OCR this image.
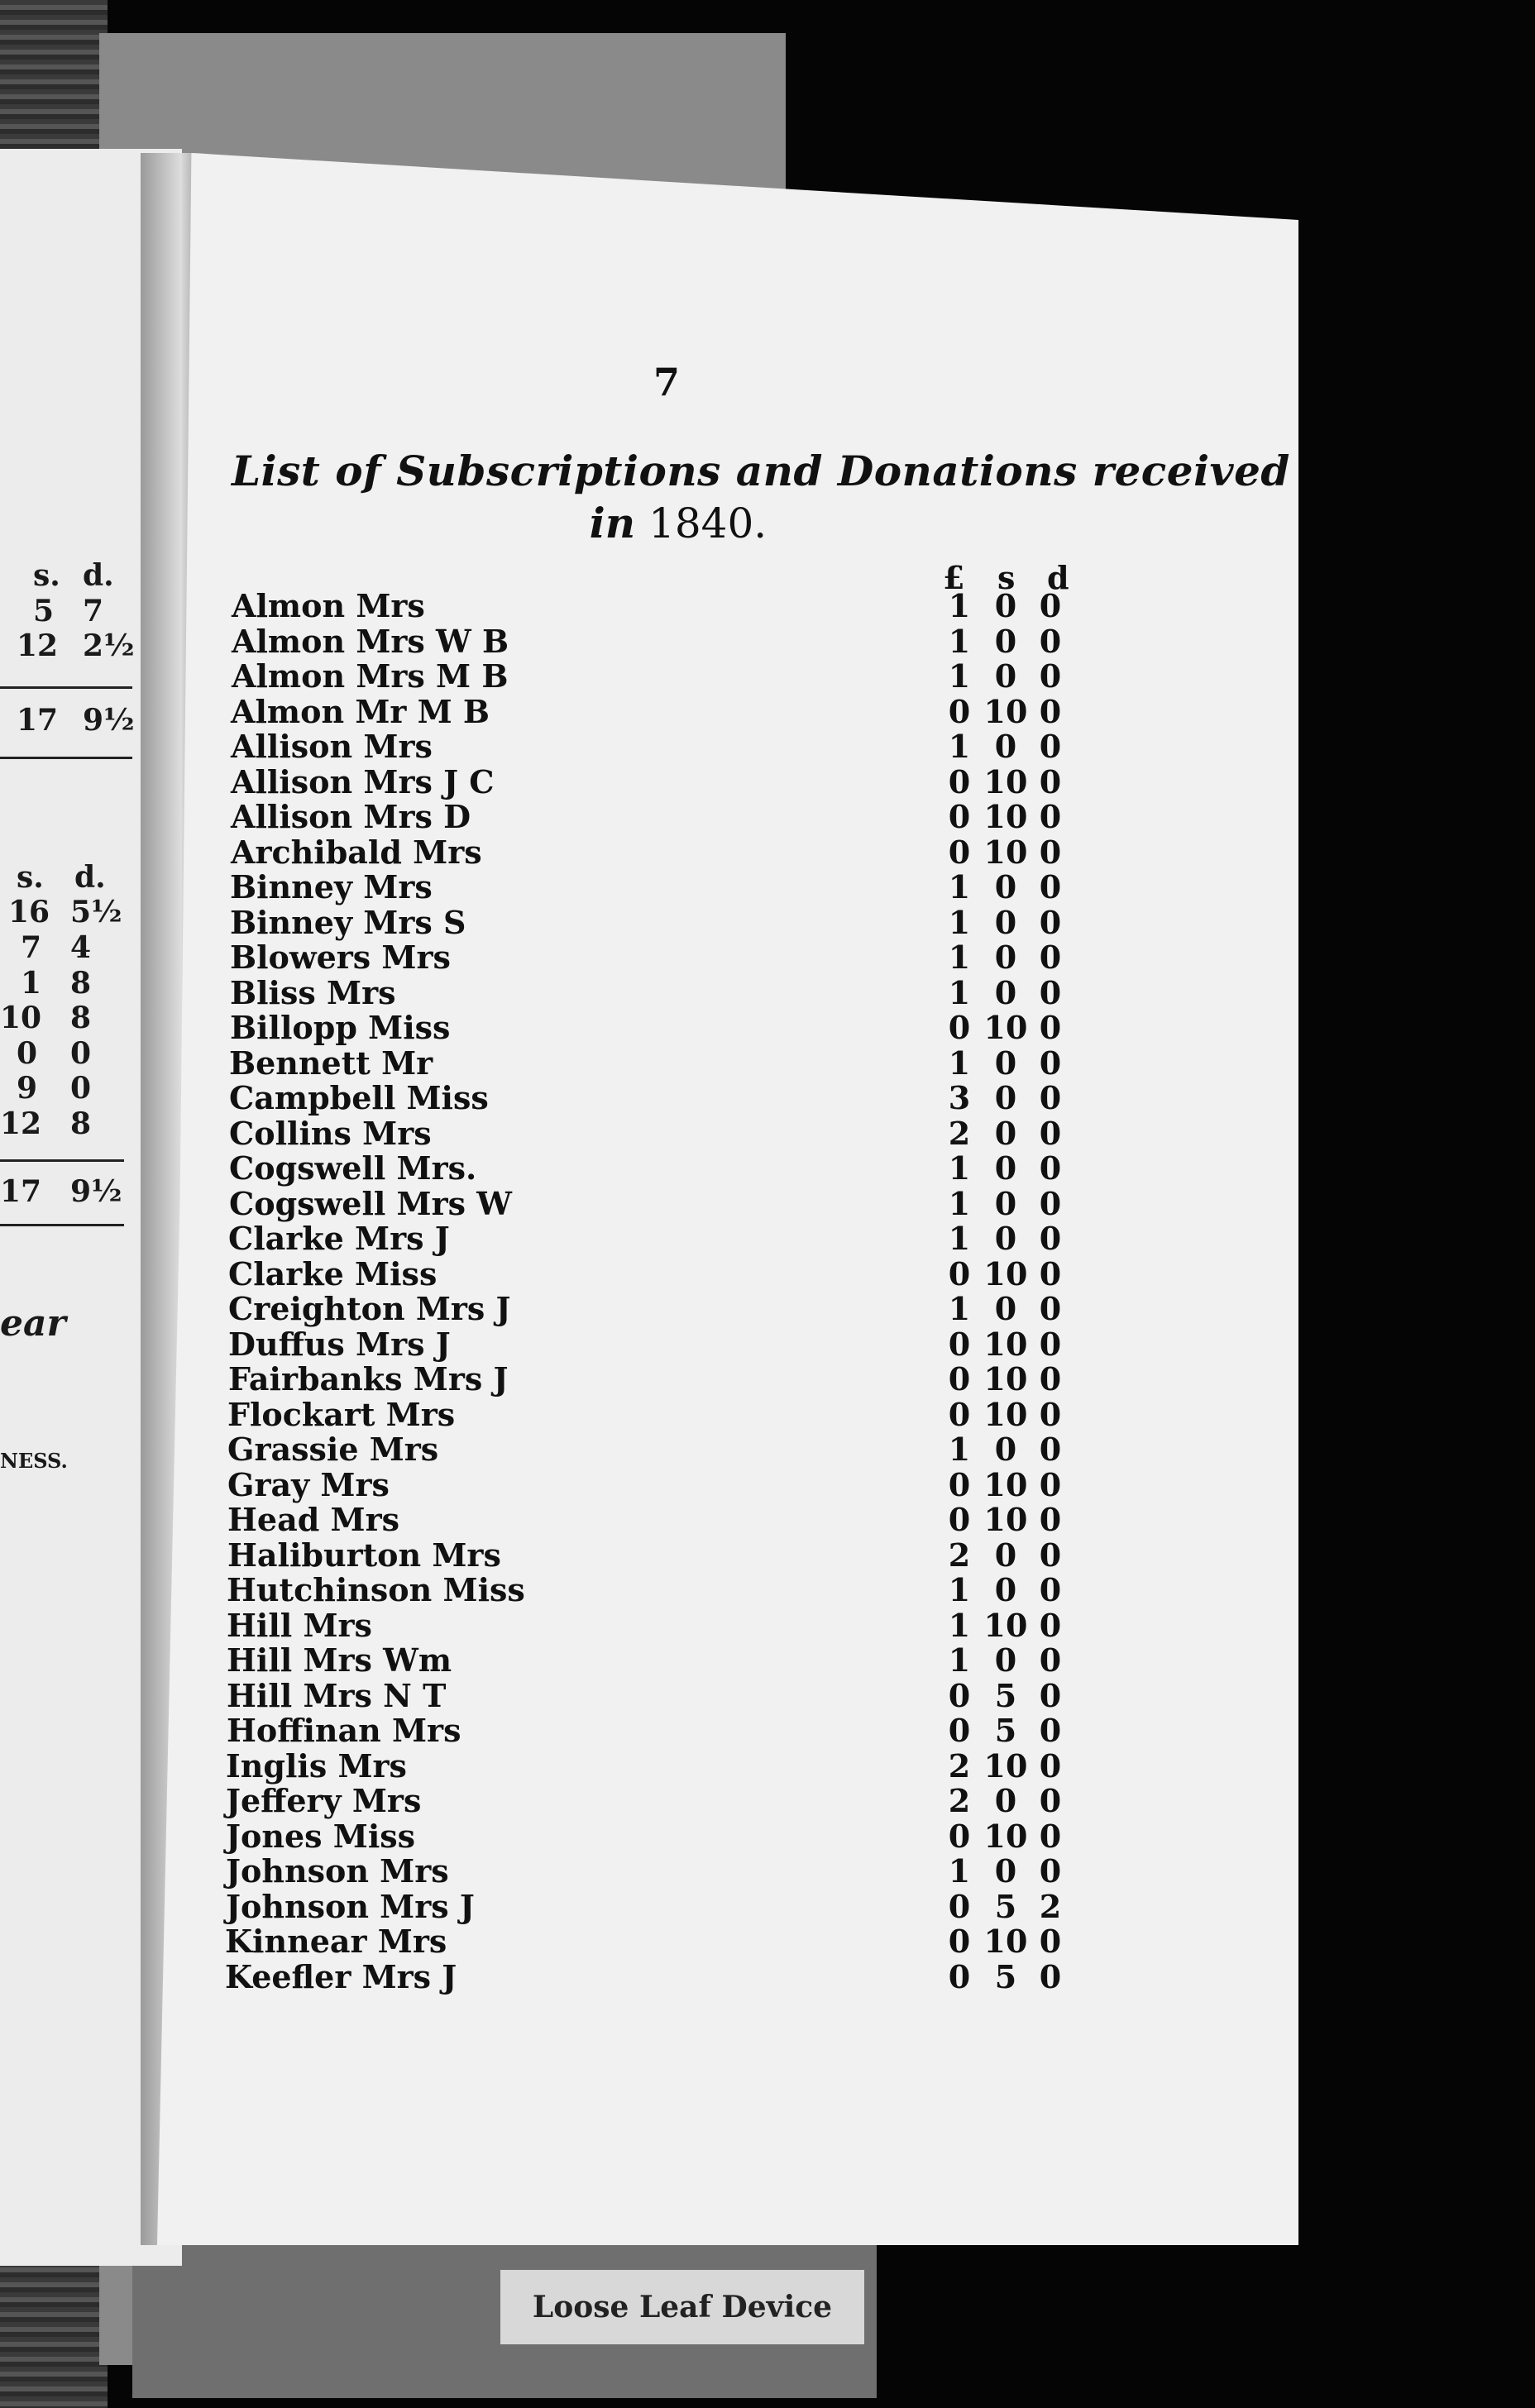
Loose Leaf Device
s. d.
5 7
12 2½
17 9½
s. d.
16 5½
7 4
1 8
10 8
0 0
9 0
12 8
17 9½
ear
NESS.
7
List of Subscriptions and Donations received
in 1840.
£ s d
Almon Mrs	1 0 0
Almon Mrs W B	1 0 0
Almon Mrs M B	1 0 0
Almon Mr M B	0 10 0
Allison Mrs	1 0 0
Allison Mrs J C	0 10 0
Allison Mrs D	0 10 0
Archibald Mrs	0 10 0
Binney Mrs	1 0 0
Binney Mrs S	1 0 0
Blowers Mrs	1 0 0
Bliss Mrs	1 0 0
Billopp Miss	0 10 0
Bennett Mr	1 0 0
Campbell Miss	3 0 0
Collins Mrs	2 0 0
Cogswell Mrs.	1 0 0
Cogswell Mrs W	1 0 0
Clarke Mrs J	1 0 0
Clarke Miss	0 10 0
Creighton Mrs J	1 0 0
Duffus Mrs J	0 10 0
Fairbanks Mrs J	0 10 0
Flockart Mrs	0 10 0
Grassie Mrs	1 0 0
Gray Mrs	0 10 0
Head Mrs	0 10 0
Haliburton Mrs	2 0 0
Hutchinson Miss	1 0 0
Hill Mrs	1 10 0
Hill Mrs Wm	1 0 0
Hill Mrs N T	0 5 0
Hoffinan Mrs	0 5 0
Inglis Mrs	2 10 0
Jeffery Mrs	2 0 0
Jones Miss	0 10 0
Johnson Mrs	1 0 0
Johnson Mrs J	0 5 2
Kinnear Mrs	0 10 0
Keefler Mrs J	0 5 0
